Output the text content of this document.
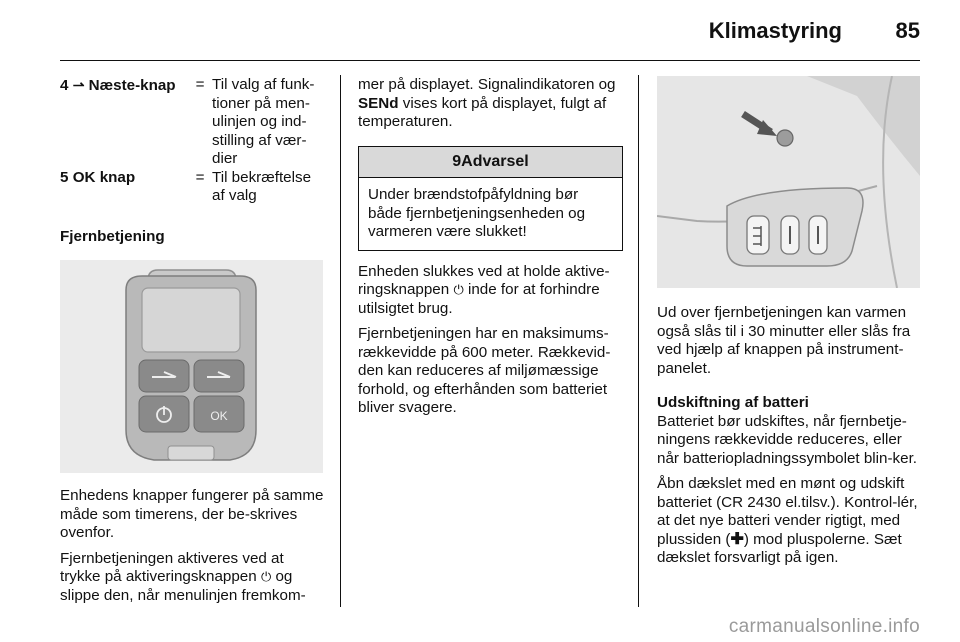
Klimastyring 85
4 ⇀ Næste-knap	=	Til valg af funk-
tioner på men-
ulinjen og ind-
stilling af vær-
dier
5 OK knap	=	Til bekræftelse
af valg
Fjernbetjening
OK

Enhedens knapper fungerer på samme måde som timerens, der be-skrives ovenfor.

Fjernbetjeningen aktiveres ved at trykke på aktiveringsknappen ⏻ og slippe den, når menulinjen fremkom-

mer på displayet. Signalindikatoren og SENd vises kort på displayet, fulgt af temperaturen.

9Advarsel
Under brændstofpåfyldning bør både fjernbetjeningsenheden og varmeren være slukket!

Enheden slukkes ved at holde aktive-ringsknappen ⏻ inde for at forhindre utilsigtet brug.

Fjernbetjeningen har en maksimums-rækkevidde på 600 meter. Rækkevid-den kan reduceres af miljømæssige forhold, og efterhånden som batteriet bliver svagere.

Ud over fjernbetjeningen kan varmen også slås til i 30 minutter eller slås fra ved hjælp af knappen på instrument-panelet.

Udskiftning af batteri

Batteriet bør udskiftes, når fjernbetje-ningens rækkevidde reduceres, eller når batteriopladningssymbolet blin-ker.

Åbn dækslet med en mønt og udskift batteriet (CR 2430 el.tilsv.). Kontrol-lér, at det nye batteri vender rigtigt, med plussiden (✚) mod pluspolerne. Sæt dækslet forsvarligt på igen.

carmanualsonline.info
